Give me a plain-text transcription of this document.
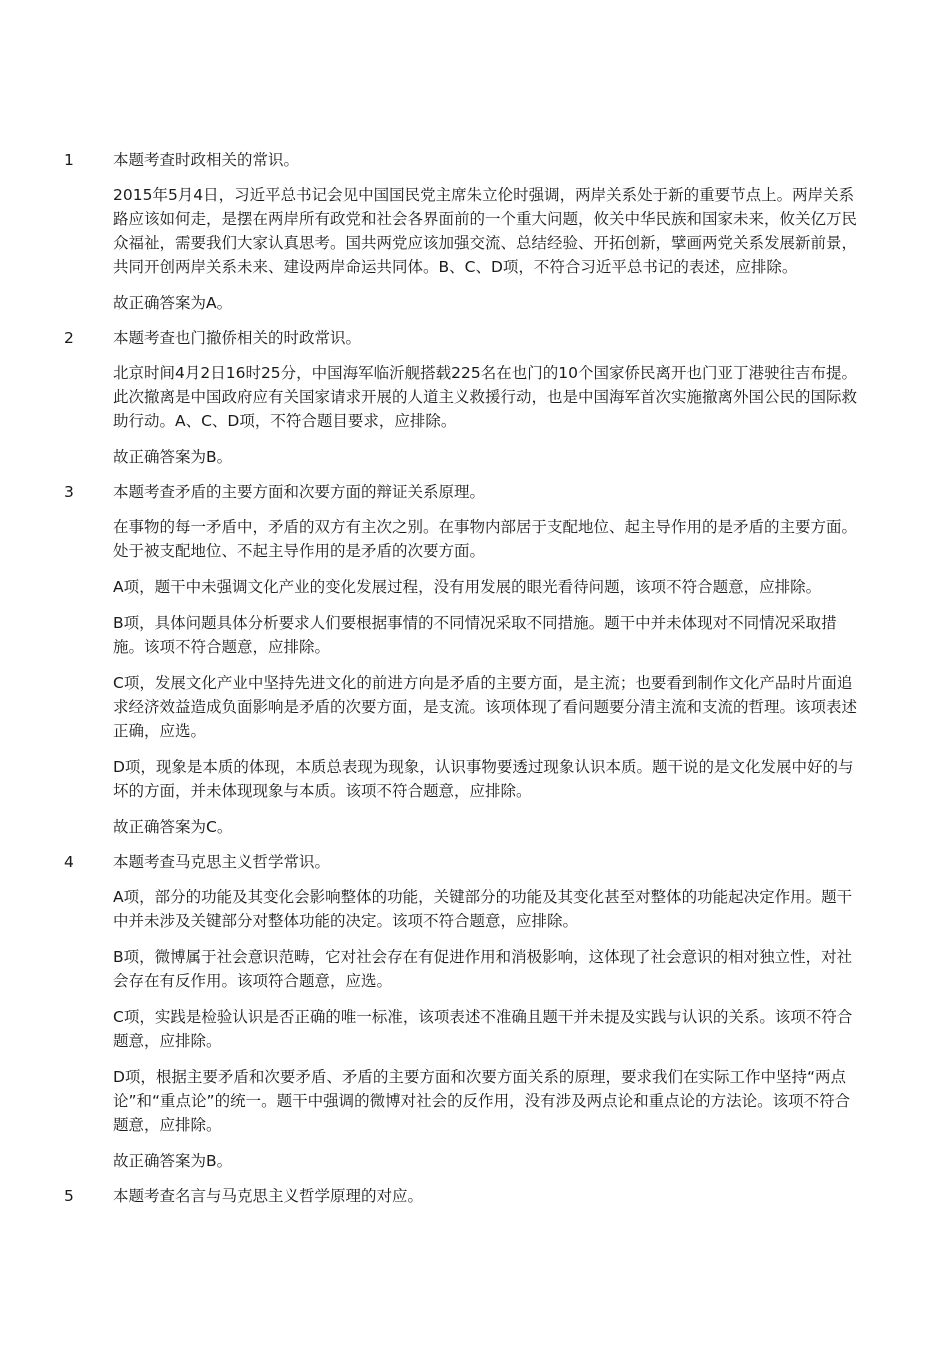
1	本题考查时政相关的常识。

2015年5月4日，习近平总书记会见中国国民党主席朱立伦时强调，两岸关系处于新的重要节点上。两岸关系路应该如何走，是摆在两岸所有政党和社会各界面前的一个重大问题，攸关中华民族和国家未来，攸关亿万民众福祉，需要我们大家认真思考。国共两党应该加强交流、总结经验、开拓创新，擘画两党关系发展新前景，共同开创两岸关系未来、建设两岸命运共同体。B、C、D项，不符合习近平总书记的表述，应排除。

故正确答案为A。

2	本题考查也门撤侨相关的时政常识。

北京时间4月2日16时25分，中国海军临沂舰搭载225名在也门的10个国家侨民离开也门亚丁港驶往吉布提。此次撤离是中国政府应有关国家请求开展的人道主义救援行动，也是中国海军首次实施撤离外国公民的国际救助行动。A、C、D项，不符合题目要求，应排除。

故正确答案为B。

3	本题考查矛盾的主要方面和次要方面的辩证关系原理。

在事物的每一矛盾中，矛盾的双方有主次之别。在事物内部居于支配地位、起主导作用的是矛盾的主要方面。处于被支配地位、不起主导作用的是矛盾的次要方面。

A项，题干中未强调文化产业的变化发展过程，没有用发展的眼光看待问题，该项不符合题意，应排除。

B项，具体问题具体分析要求人们要根据事情的不同情况采取不同措施。题干中并未体现对不同情况采取措施。该项不符合题意，应排除。

C项，发展文化产业中坚持先进文化的前进方向是矛盾的主要方面，是主流；也要看到制作文化产品时片面追求经济效益造成负面影响是矛盾的次要方面，是支流。该项体现了看问题要分清主流和支流的哲理。该项表述正确，应选。

D项，现象是本质的体现，本质总表现为现象，认识事物要透过现象认识本质。题干说的是文化发展中好的与坏的方面，并未体现现象与本质。该项不符合题意，应排除。

故正确答案为C。

4	本题考查马克思主义哲学常识。

A项，部分的功能及其变化会影响整体的功能，关键部分的功能及其变化甚至对整体的功能起决定作用。题干中并未涉及关键部分对整体功能的决定。该项不符合题意，应排除。

B项，微博属于社会意识范畴，它对社会存在有促进作用和消极影响，这体现了社会意识的相对独立性，对社会存在有反作用。该项符合题意，应选。

C项，实践是检验认识是否正确的唯一标准，该项表述不准确且题干并未提及实践与认识的关系。该项不符合题意，应排除。

D项，根据主要矛盾和次要矛盾、矛盾的主要方面和次要方面关系的原理，要求我们在实际工作中坚持“两点论”和“重点论”的统一。题干中强调的微博对社会的反作用，没有涉及两点论和重点论的方法论。该项不符合题意，应排除。

故正确答案为B。

5	本题考查名言与马克思主义哲学原理的对应。
